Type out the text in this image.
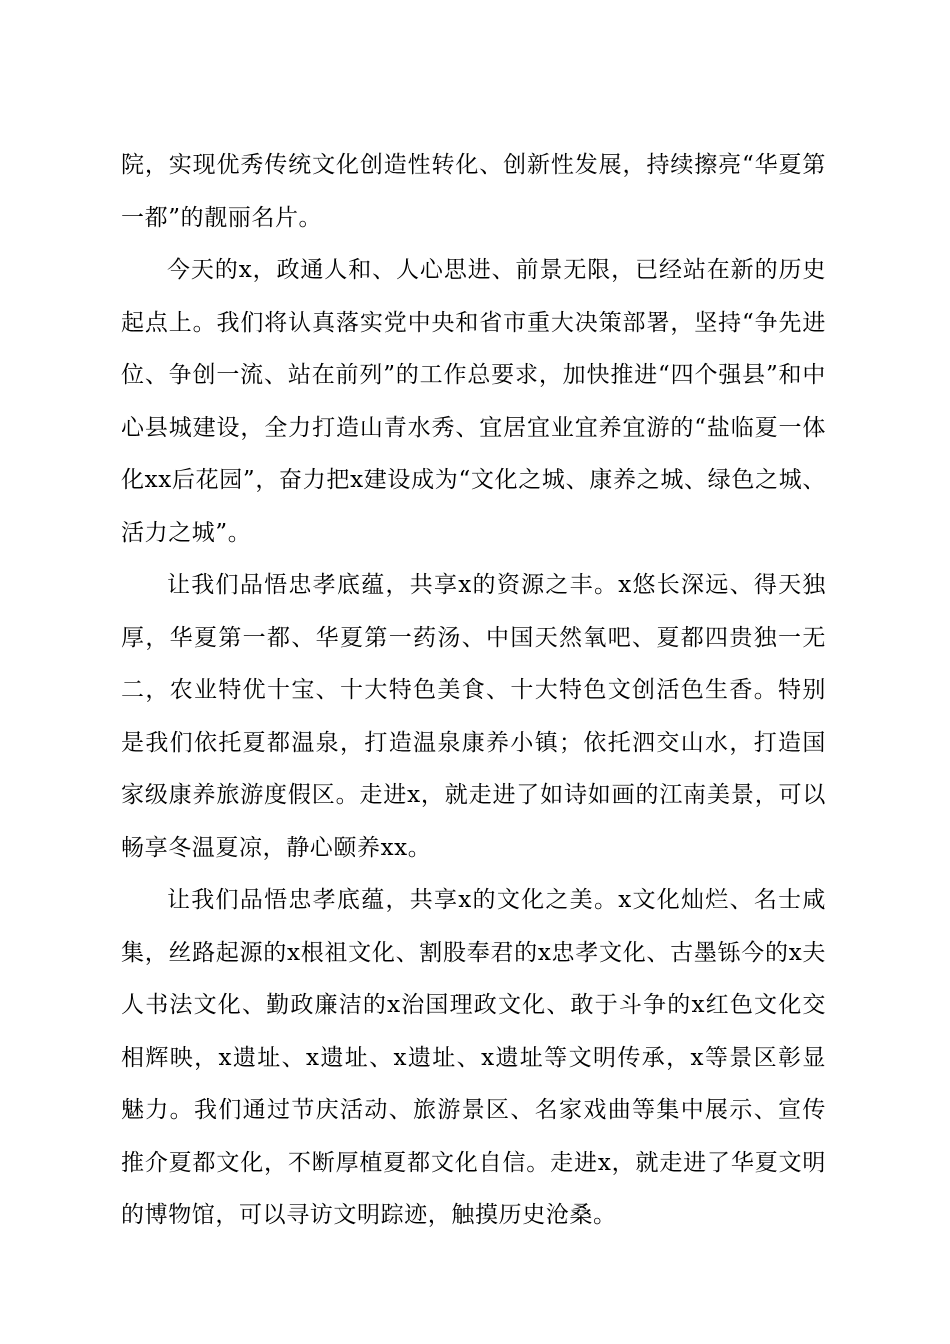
院，实现优秀传统文化创造性转化、创新性发展，持续擦亮“华夏第一都”的靓丽名片。

今天的x，政通人和、人心思进、前景无限，已经站在新的历史起点上。我们将认真落实党中央和省市重大决策部署，坚持“争先进位、争创一流、站在前列”的工作总要求，加快推进“四个强县”和中心县城建设，全力打造山青水秀、宜居宜业宜养宜游的“盐临夏一体化xx后花园”，奋力把x建设成为“文化之城、康养之城、绿色之城、活力之城”。

让我们品悟忠孝底蕴，共享x的资源之丰。x悠长深远、得天独厚，华夏第一都、华夏第一药汤、中国天然氧吧、夏都四贵独一无二，农业特优十宝、十大特色美食、十大特色文创活色生香。特别是我们依托夏都温泉，打造温泉康养小镇；依托泗交山水，打造国家级康养旅游度假区。走进x，就走进了如诗如画的江南美景，可以畅享冬温夏凉，静心颐养xx。

让我们品悟忠孝底蕴，共享x的文化之美。x文化灿烂、名士咸集，丝路起源的x根祖文化、割股奉君的x忠孝文化、古墨铄今的x夫人书法文化、勤政廉洁的x治国理政文化、敢于斗争的x红色文化交相辉映，x遗址、x遗址、x遗址、x遗址等文明传承，x等景区彰显魅力。我们通过节庆活动、旅游景区、名家戏曲等集中展示、宣传推介夏都文化，不断厚植夏都文化自信。走进x，就走进了华夏文明的博物馆，可以寻访文明踪迹，触摸历史沧桑。
